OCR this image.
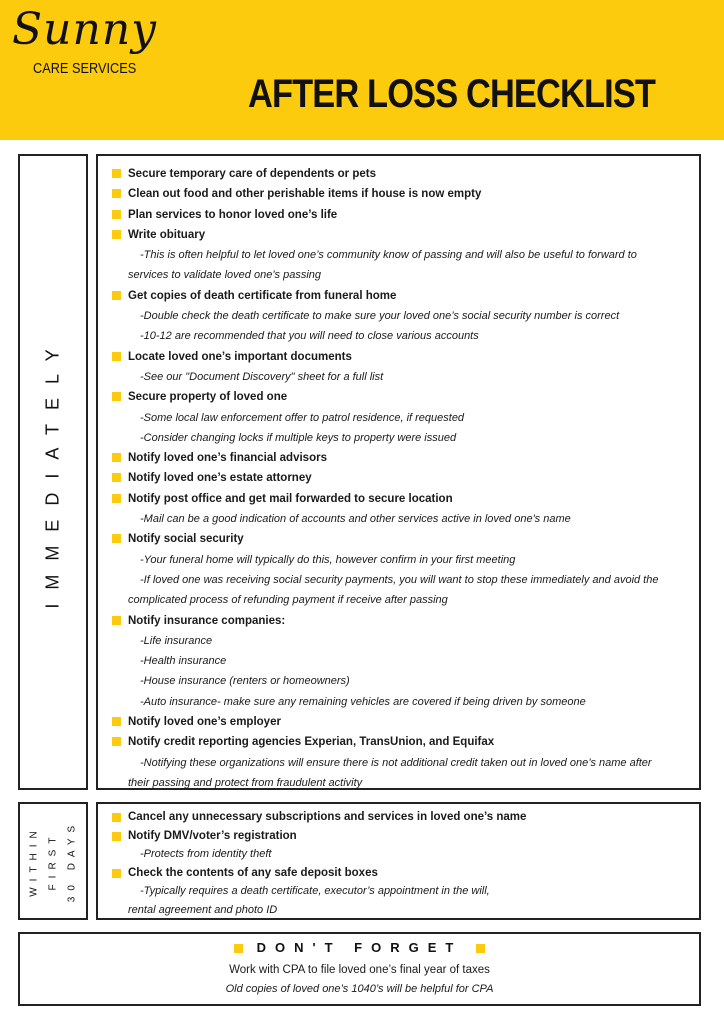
Sunny
CARE SERVICES
AFTER LOSS CHECKLIST
IMMEDIATELY
Secure temporary care of dependents or pets
Clean out food and other perishable items if house is now empty
Plan services to honor loved one’s life
Write obituary
-This is often helpful to let loved one’s community know of passing and will also be useful to forward to
services to validate loved one’s passing
Get copies of death certificate from funeral home
-Double check the death certificate to make sure your loved one’s social security number is correct
-10-12 are recommended that you will need to close various accounts
Locate loved one’s important documents
-See our "Document Discovery" sheet for a full list
Secure property of loved one
-Some local law enforcement offer to patrol residence, if requested
-Consider changing locks if multiple keys to property were issued
Notify loved one’s financial advisors
Notify loved one’s estate attorney
Notify post office and get mail forwarded to secure location
-Mail can be a good indication of accounts and other services active in loved one's name
Notify social security
-Your funeral home will typically do this, however confirm in your first meeting
-If loved one was receiving social security payments, you will want to stop these immediately and avoid the
complicated process of refunding payment if receive after passing
Notify insurance companies:
-Life insurance
-Health insurance
-House insurance (renters or homeowners)
-Auto insurance- make sure any remaining vehicles are covered if being driven by someone
Notify loved one’s employer
Notify credit reporting agencies Experian, TransUnion, and Equifax
-Notifying these organizations will ensure there is not additional credit taken out in loved one’s name after
their passing and protect from fraudulent activity
WITHIN FIRST 30 DAYS
Cancel any unnecessary subscriptions and services in loved one’s name
Notify DMV/voter’s registration
-Protects from identity theft
Check the contents of any safe deposit boxes
-Typically requires a death certificate, executor’s appointment in the will,
rental agreement and photo ID
DON'T FORGET
Work with CPA to file loved one’s final year of taxes
Old copies of loved one’s 1040’s will be helpful for CPA
